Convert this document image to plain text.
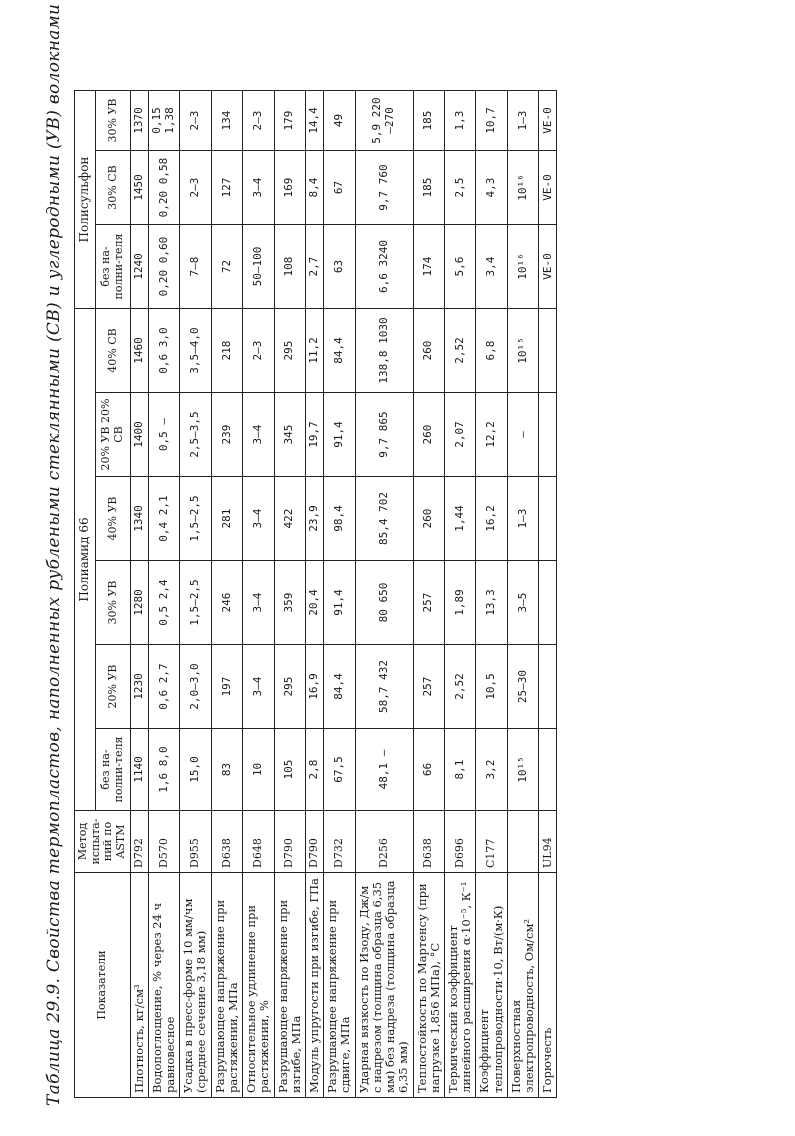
Таблица 29.9. Свойства термопластов, наполненных рублеными стеклянными (СВ) и углеродными (УВ) волокнами	Показатели	Метод испыта-ний по ASTM	Полиамид 66						Полисульфон		
		без на-полни-теля	20% УВ	30% УВ	40% УВ	20% УВ 20% СВ	40% СВ	без на-полни-теля	30% СВ	30% УВ
Плотность, кг/см³	D792	1140	1230	1280	1340	1400	1460	1240	1450	1370
Водопоглощение, % через 24 ч равновесное	D570	1,6 8,0	0,6 2,7	0,5 2,4	0,4 2,1	0,5 —	0,6 3,0	0,20 0,60	0,20 0,58	0,15 1,38
Усадка в пресс-форме 10 мм/чм (среднее сечение 3,18 мм)	D955	15,0	2,0—3,0	1,5—2,5	1,5—2,5	2,5—3,5	3,5—4,0	7—8	2—3	2—3
Разрушающее напряжение при растяжении, МПа	D638	83	197	246	281	239	218	72	127	134
Относительное удлинение при растяжении, %	D648	10	3—4	3—4	3—4	3—4	2—3	50—100	3—4	2—3
Разрушающее напряжение при изгибе, МПа	D790	105	295	359	422	345	295	108	169	179
Модуль упругости при изгибе, ГПа	D790	2,8	16,9	20,4	23,9	19,7	11,2	2,7	8,4	14,4
Разрушающее напряжение при сдвиге, МПа	D732	67,5	84,4	91,4	98,4	91,4	84,4	63	67	49
Ударная вязкость по Изоду, Дж/м с надрезом (толщина образца 6,35 мм) без надреза (толщина образца 6,35 мм)	D256	48,1 —	58,7 432	80 650	85,4 702	9,7 865	138,8 1030	6,6 3240	9,7 760	5,9 220—270
Теплостойкость по Мартенсу (при нагрузке 1,856 МПа), °С	D638	66	257	257	260	260	260	174	185	185
Термический коэффициент линейного расширения α·10⁻⁵, К⁻¹	D696	8,1	2,52	1,89	1,44	2,07	2,52	5,6	2,5	1,3
Коэффициент теплопроводности·10, Вт/(м·К)	C177	3,2	10,5	13,3	16,2	12,2	6,8	3,4	4,3	10,7
Поверхностная электропроводность, Ом/см²		10¹⁵	25—30	3—5	1—3	—	10¹⁵	10¹⁶	10¹⁶	1—3
Горючесть	UL94							VE-0	VE-0	VE-0
